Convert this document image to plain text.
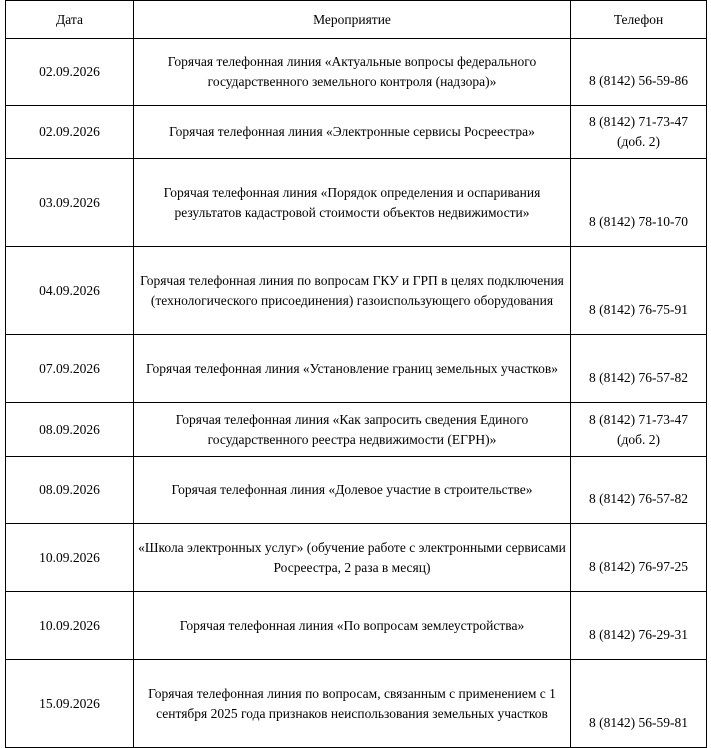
Дата	Мероприятие	Телефон
02.09.2026	Горячая телефонная линия «Актуальные вопросы федерального государственного земельного контроля (надзора)»	8 (8142) 56-59-86

02.09.2026	Горячая телефонная линия «Электронные сервисы Росреестра»	8 (8142) 71-73-47
(доб. 2)

03.09.2026	Горячая телефонная линия «Порядок определения и оспаривания результатов кадастровой стоимости объектов недвижимости»	8 (8142) 78-10-70

04.09.2026	Горячая телефонная линия по вопросам ГКУ и ГРП в целях подключения (технологического присоединения) газоиспользующего оборудования	8 (8142) 76-75-91

07.09.2026	Горячая телефонная линия «Установление границ земельных участков»	8 (8142) 76-57-82

08.09.2026	Горячая телефонная линия «Как запросить сведения Единого государственного реестра недвижимости (ЕГРН)»	8 (8142) 71-73-47
(доб. 2)

08.09.2026	Горячая телефонная линия «Долевое участие в строительстве»	8 (8142) 76-57-82

10.09.2026	«Школа электронных услуг» (обучение работе с электронными сервисами Росреестра, 2 раза в месяц)	8 (8142) 76-97-25

10.09.2026	Горячая телефонная линия «По вопросам землеустройства»	8 (8142) 76-29-31

15.09.2026	Горячая телефонная линия по вопросам, связанным с применением с 1 сентября 2025 года признаков неиспользования земельных участков	8 (8142) 56-59-81
